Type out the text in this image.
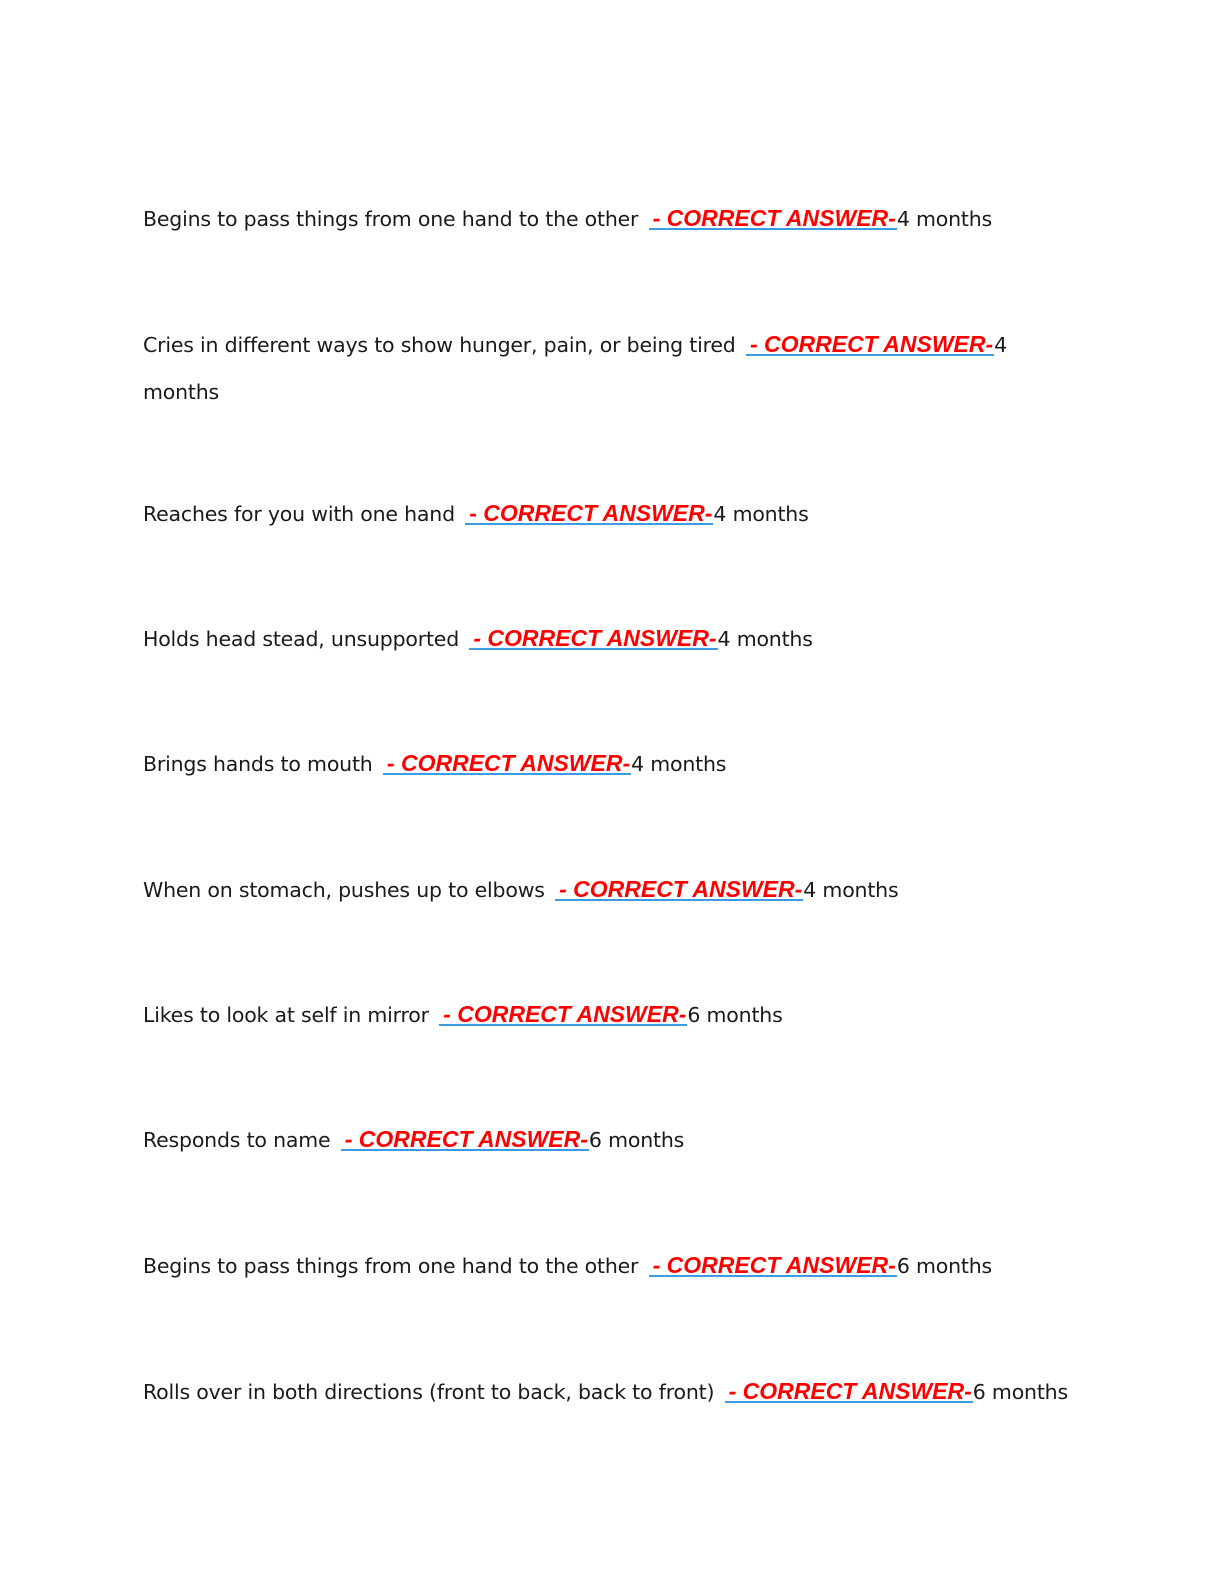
Begins to pass things from one hand to the other - CORRECT ANSWER-4 months
Cries in different ways to show hunger, pain, or being tired - CORRECT ANSWER-4 months
Reaches for you with one hand - CORRECT ANSWER-4 months
Holds head stead, unsupported - CORRECT ANSWER-4 months
Brings hands to mouth - CORRECT ANSWER-4 months
When on stomach, pushes up to elbows - CORRECT ANSWER-4 months
Likes to look at self in mirror - CORRECT ANSWER-6 months
Responds to name - CORRECT ANSWER-6 months
Begins to pass things from one hand to the other - CORRECT ANSWER-6 months
Rolls over in both directions (front to back, back to front) - CORRECT ANSWER-6 months
